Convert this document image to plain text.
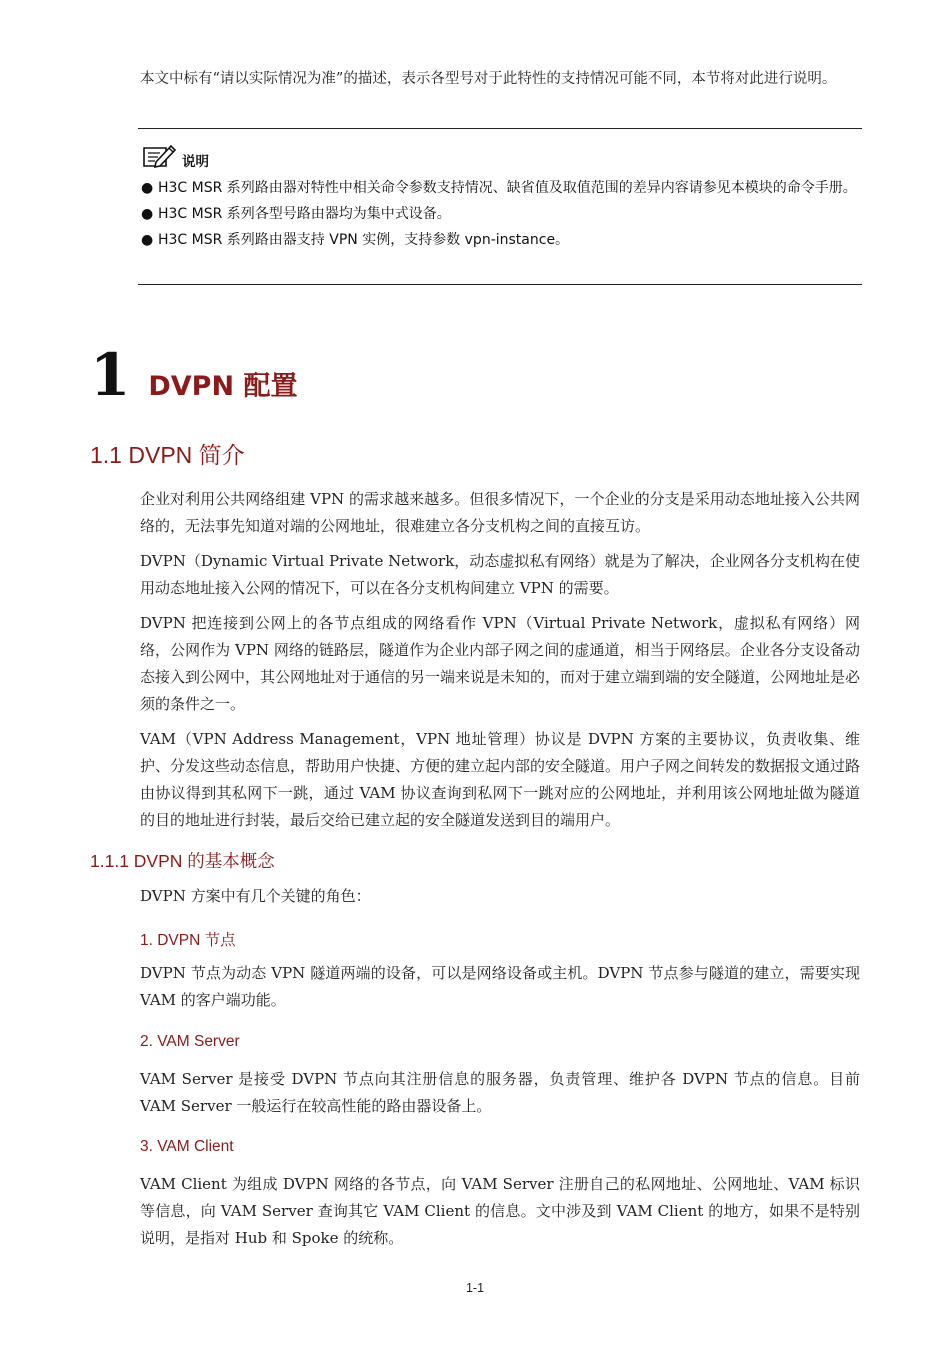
本文中标有“请以实际情况为准”的描述，表示各型号对于此特性的支持情况可能不同，本节将对此进行说明。
说明
● H3C MSR 系列路由器对特性中相关命令参数支持情况、缺省值及取值范围的差异内容请参见本模块的命令手册。
● H3C MSR 系列各型号路由器均为集中式设备。
● H3C MSR 系列路由器支持 VPN 实例，支持参数 vpn-instance。
1 DVPN 配置
1.1 DVPN 简介

企业对利用公共网络组建 VPN 的需求越来越多。但很多情况下，一个企业的分支是采用动态地址接入公共网络的，无法事先知道对端的公网地址，很难建立各分支机构之间的直接互访。

DVPN（Dynamic Virtual Private Network，动态虚拟私有网络）就是为了解决，企业网各分支机构在使用动态地址接入公网的情况下，可以在各分支机构间建立 VPN 的需要。

DVPN 把连接到公网上的各节点组成的网络看作 VPN（Virtual Private Network，虚拟私有网络）网络，公网作为 VPN 网络的链路层，隧道作为企业内部子网之间的虚通道，相当于网络层。企业各分支设备动态接入到公网中，其公网地址对于通信的另一端来说是未知的，而对于建立端到端的安全隧道，公网地址是必须的条件之一。

VAM（VPN Address Management，VPN 地址管理）协议是 DVPN 方案的主要协议，负责收集、维护、分发这些动态信息，帮助用户快捷、方便的建立起内部的安全隧道。用户子网之间转发的数据报文通过路由协议得到其私网下一跳，通过 VAM 协议查询到私网下一跳对应的公网地址，并利用该公网地址做为隧道的目的地址进行封装，最后交给已建立起的安全隧道发送到目的端用户。

1.1.1 DVPN 的基本概念

DVPN 方案中有几个关键的角色：

1. DVPN 节点

DVPN 节点为动态 VPN 隧道两端的设备，可以是网络设备或主机。DVPN 节点参与隧道的建立，需要实现 VAM 的客户端功能。

2. VAM Server

VAM Server 是接受 DVPN 节点向其注册信息的服务器，负责管理、维护各 DVPN 节点的信息。目前 VAM Server 一般运行在较高性能的路由器设备上。

3. VAM Client

VAM Client 为组成 DVPN 网络的各节点，向 VAM Server 注册自己的私网地址、公网地址、VAM 标识等信息，向 VAM Server 查询其它 VAM Client 的信息。文中涉及到 VAM Client 的地方，如果不是特别说明，是指对 Hub 和 Spoke 的统称。

1-1
